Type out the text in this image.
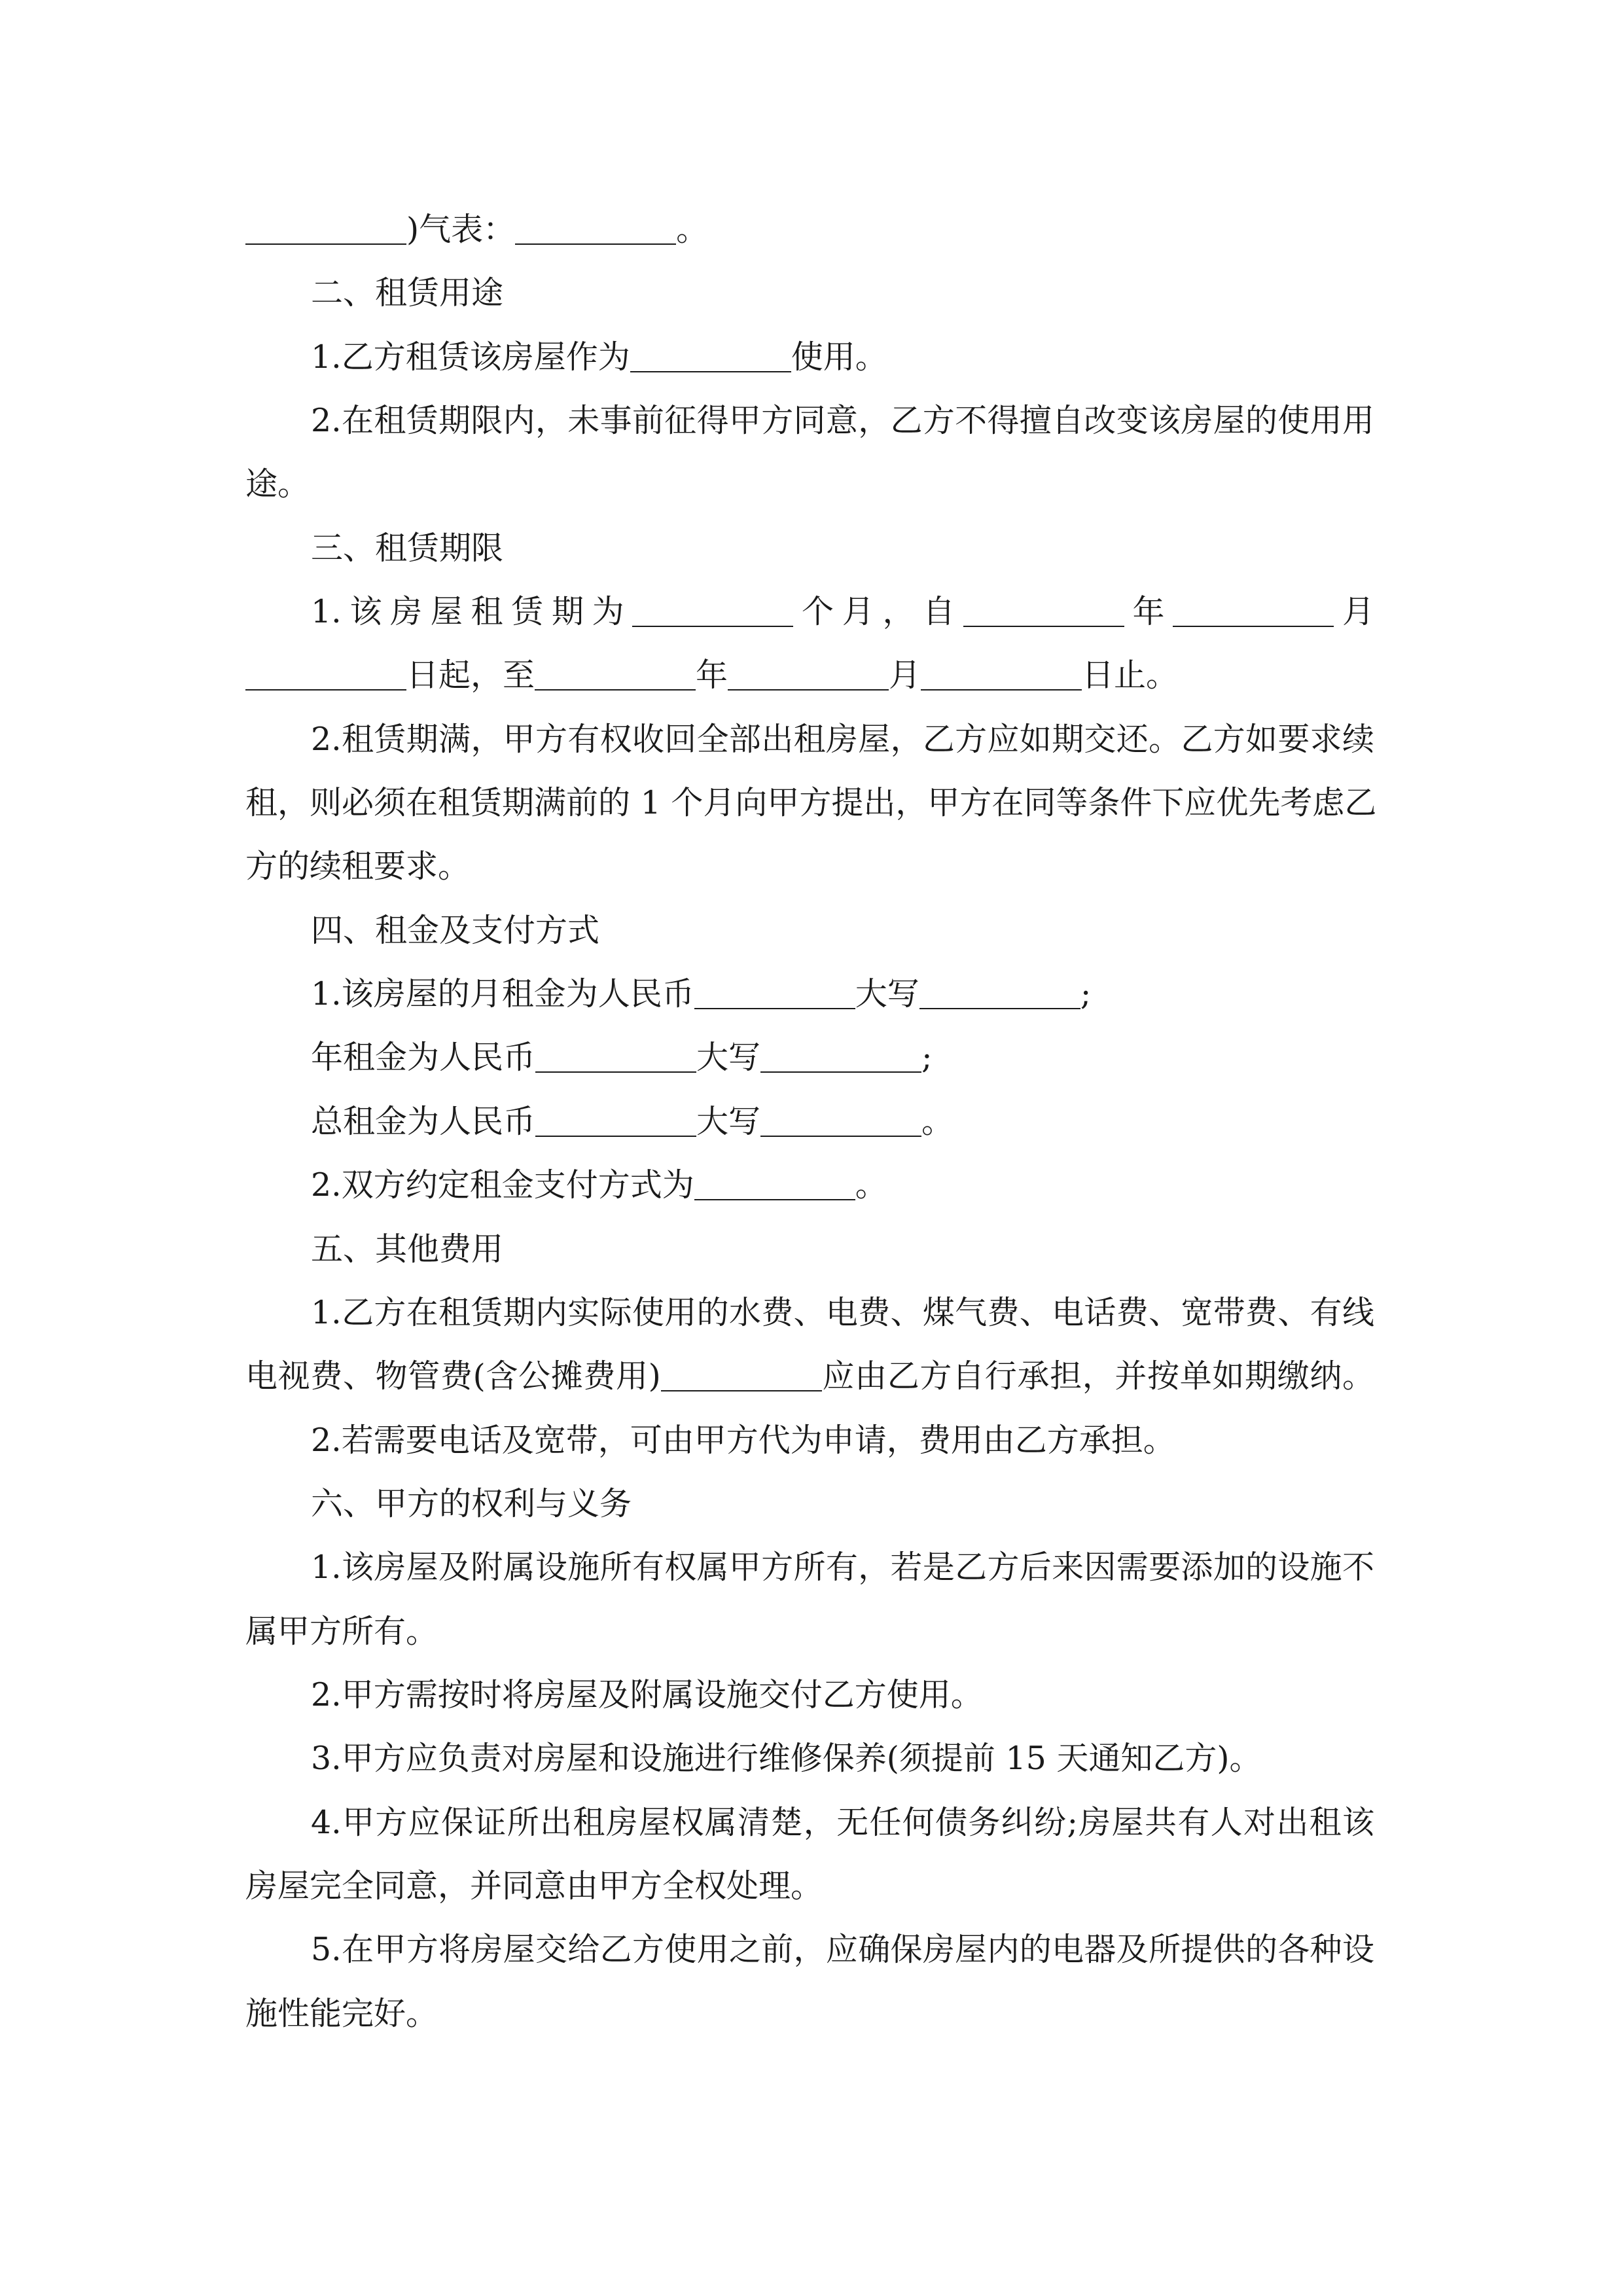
)气表：	。
二、租赁用途
1.乙方租赁该房屋作为	使用。
2.在租赁期限内，未事前征得甲方同意，乙方不得擅自改变该房屋的使用用
途。
三、租赁期限
1.该房屋租赁期为	个月，自	年	月
日起，至	年	月	日止。
2.租赁期满，甲方有权收回全部出租房屋，乙方应如期交还。乙方如要求续
租，则必须在租赁期满前的 1 个月向甲方提出，甲方在同等条件下应优先考虑乙
方的续租要求。
四、租金及支付方式
1.该房屋的月租金为人民币	大写	;
年租金为人民币	大写	;
总租金为人民币	大写	。
2.双方约定租金支付方式为	。
五、其他费用
1.乙方在租赁期内实际使用的水费、电费、煤气费、电话费、宽带费、有线
电视费、物管费(含公摊费用)	应由乙方自行承担，并按单如期缴纳。
2.若需要电话及宽带，可由甲方代为申请，费用由乙方承担。
六、甲方的权利与义务
1.该房屋及附属设施所有权属甲方所有，若是乙方后来因需要添加的设施不
属甲方所有。
2.甲方需按时将房屋及附属设施交付乙方使用。
3.甲方应负责对房屋和设施进行维修保养(须提前 15 天通知乙方)。
4.甲方应保证所出租房屋权属清楚，无任何债务纠纷;房屋共有人对出租该
房屋完全同意，并同意由甲方全权处理。
5.在甲方将房屋交给乙方使用之前，应确保房屋内的电器及所提供的各种设
施性能完好。
